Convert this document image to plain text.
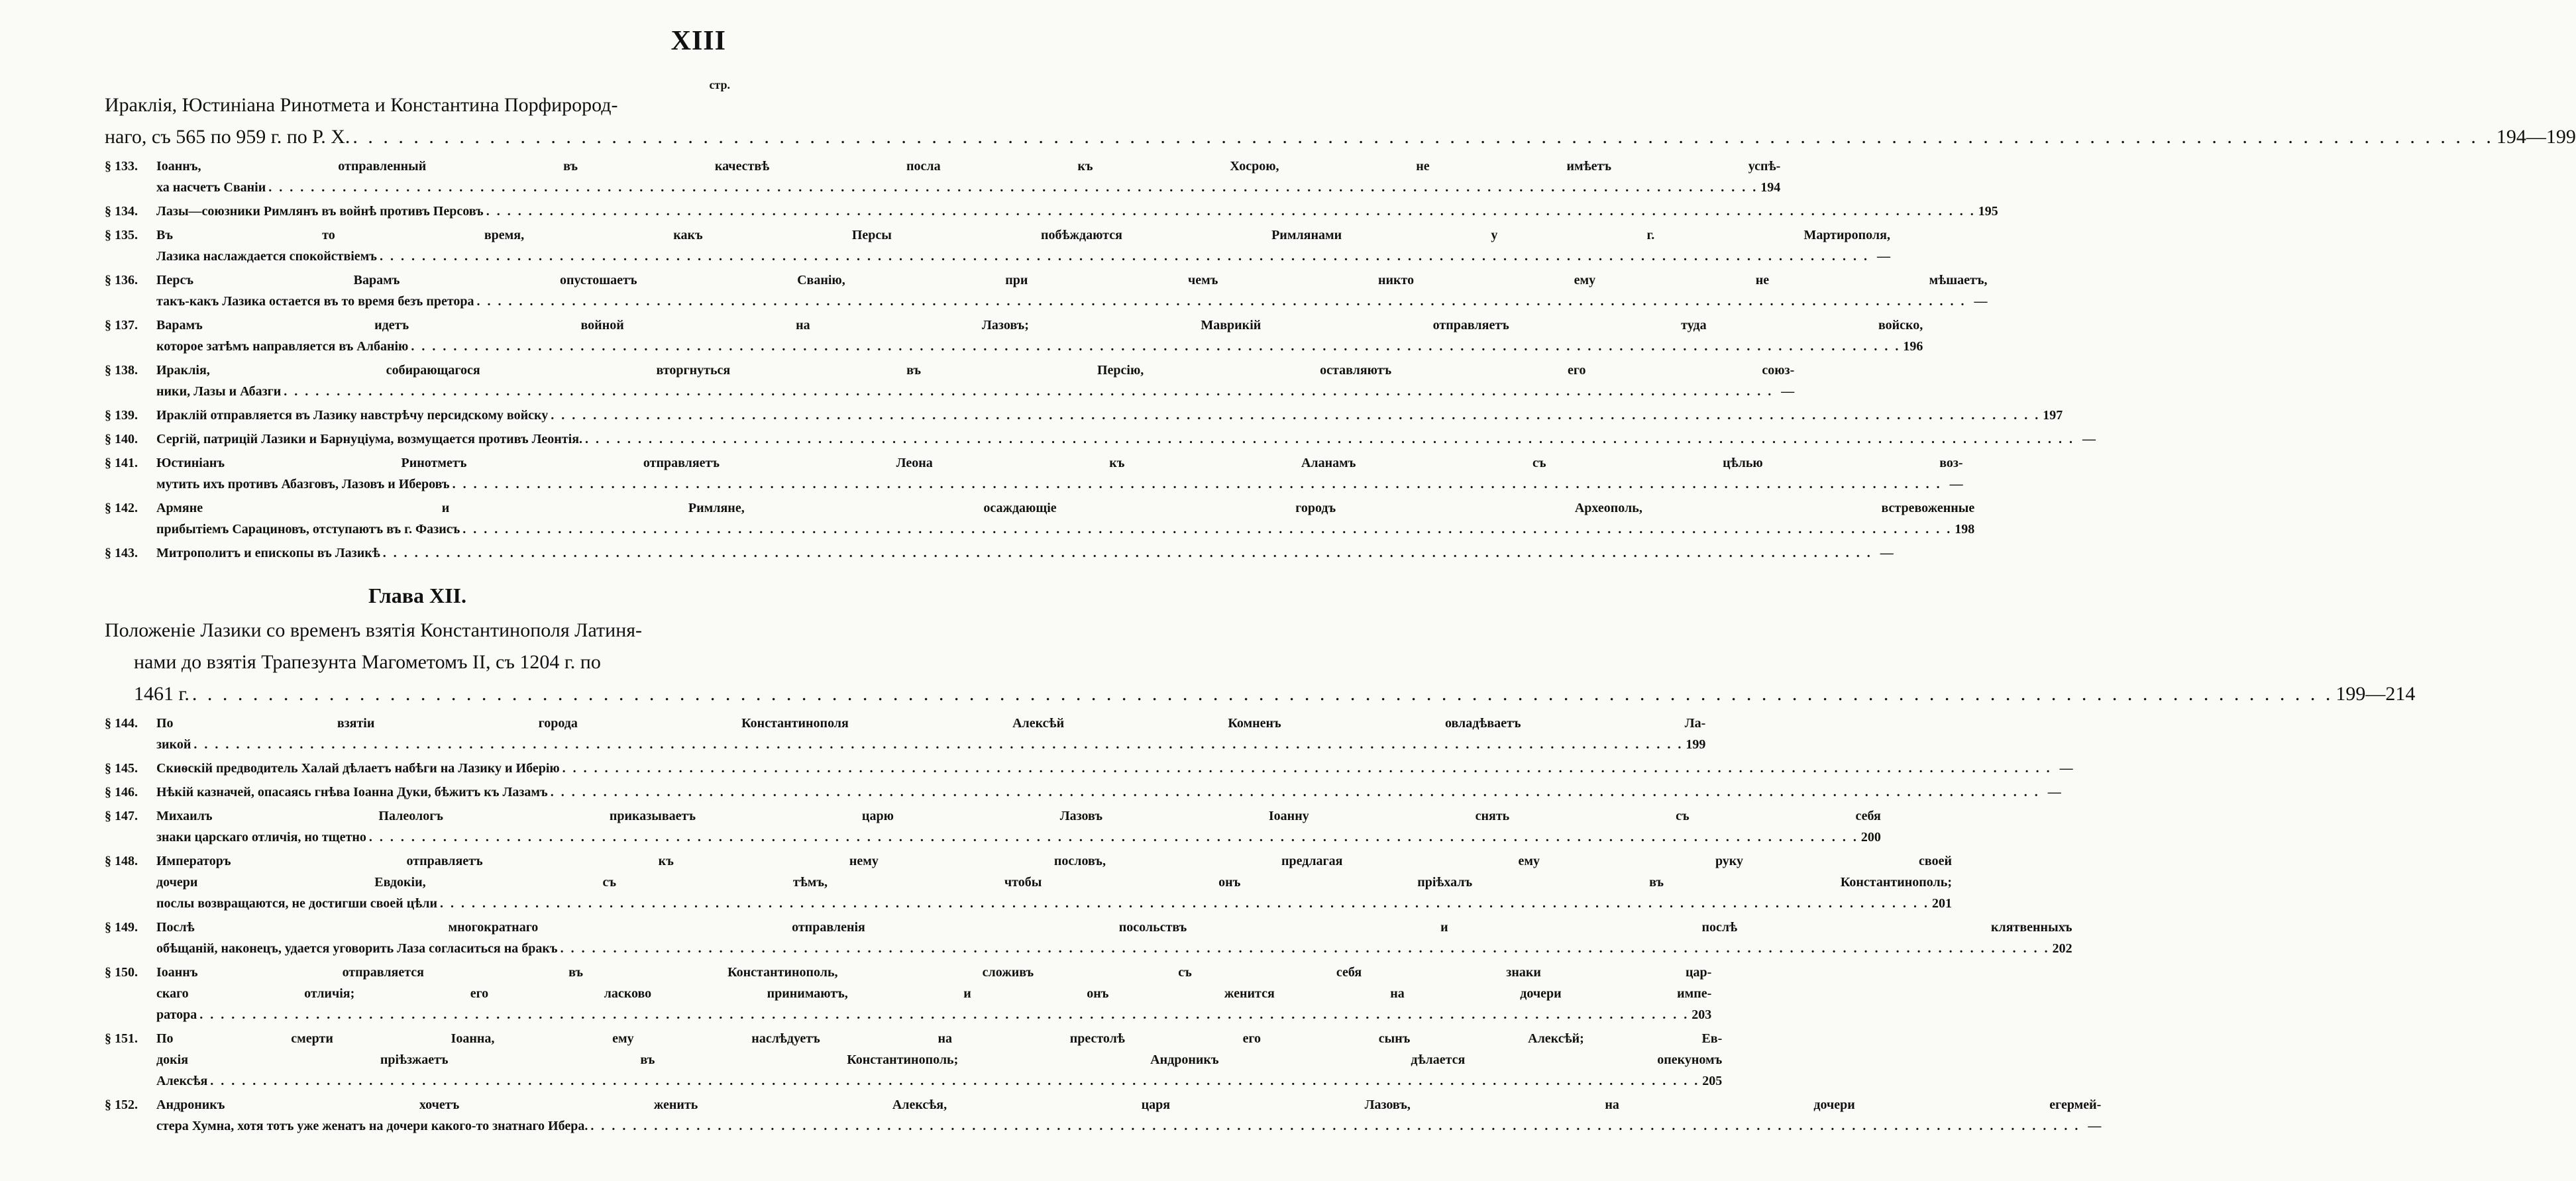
XIII
стр.
Ираклія, Юстиніана Ринотмета и Константина Порфирород-
наго, съ 565 по 959 г. по Р. Х. . . .	194—199
§ 133.	Іоаннъ, отправленный въ качествѣ посла къ Хосрою, не имѣетъ успѣ-
ха насчетъ Сваніи . . .	194
§ 134.	Лазы—союзники Римлянъ въ войнѣ противъ Персовъ . . .	195
§ 135.	Въ то время, какъ Персы побѣждаются Римлянами у г. Мартирополя,
Лазика наслаждается спокойствіемъ . . .	—
§ 136.	Персъ Варамъ опустошаетъ Сванію, при чемъ никто ему не мѣшаетъ,
такъ-какъ Лазика остается въ то время безъ претора . . .	—
§ 137.	Варамъ идетъ войной на Лазовъ; Маврикій отправляетъ туда войско,
которое затѣмъ направляется въ Албанію . . .	196
§ 138.	Ираклія, собирающагося вторгнуться въ Персію, оставляютъ его союз-
ники, Лазы и Абазги . . .	—
§ 139.	Ираклій отправляется въ Лазику навстрѣчу персидскому войску . . .	197
§ 140.	Сергій, патрицій Лазики и Барнуціума, возмущается противъ Леонтія. . . .	—
§ 141.	Юстиніанъ Ринотметъ отправляетъ Леона къ Аланамъ съ цѣлью воз-
мутить ихъ противъ Абазговъ, Лазовъ и Иберовъ . . .	—
§ 142.	Армяне и Римляне, осаждающіе городъ Археополь, встревоженные
прибытіемъ Сарациновъ, отступаютъ въ г. Фазисъ . . .	198
§ 143.	Митрополитъ и епископы въ Лазикѣ . . .	—
Глава XII.
Положеніе Лазики со временъ взятія Константинополя Латиня-
нами до взятія Трапезунта Магометомъ II, съ 1204 г. по
1461 г. . . .	199—214
§ 144.	По взятіи города Константинополя Алексѣй Комненъ овладѣваетъ Ла-
зикой . . .	199
§ 145.	Скиѳскій предводитель Халай дѣлаетъ набѣги на Лазику и Иберію . . .	—
§ 146.	Нѣкій казначей, опасаясь гнѣва Іоанна Дуки, бѣжитъ къ Лазамъ . . .	—
§ 147.	Михаилъ Палеологъ приказываетъ царю Лазовъ Іоанну снять съ себя
знаки царскаго отличія, но тщетно . . .	200
§ 148.	Императоръ отправляетъ къ нему пословъ, предлагая ему руку своей
дочери Евдокіи, съ тѣмъ, чтобы онъ пріѣхалъ въ Константинополь;
послы возвращаются, не достигши своей цѣли . . .	201
§ 149.	Послѣ многократнаго отправленія посольствъ и послѣ клятвенныхъ
обѣщаній, наконецъ, удается уговорить Лаза согласиться на бракъ . . .	202
§ 150.	Іоаннъ отправляется въ Константинополь, сложивъ съ себя знаки цар-
скаго отличія; его ласково принимаютъ, и онъ женится на дочери импе-
ратора . . .	203
§ 151.	По смерти Іоанна, ему наслѣдуетъ на престолѣ его сынъ Алексѣй; Ев-
докія пріѣзжаетъ въ Константинополь; Андроникъ дѣлается опекуномъ
Алексѣя . . .	205
§ 152.	Андроникъ хочетъ женить Алексѣя, царя Лазовъ, на дочери егермей-
стера Хумна, хотя тотъ уже женатъ на дочери какого-то знатнаго Ибера. . . .	—
